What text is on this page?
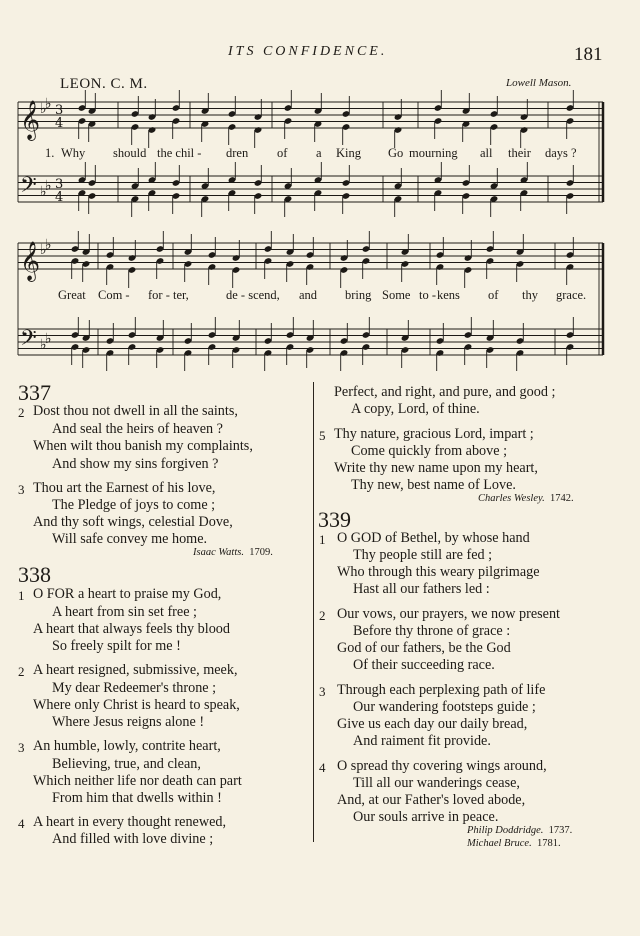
ITS CONFIDENCE.	181
LEON. C. M.	Lowell Mason.
𝄞
𝄢
𝄞
𝄢
♭
♭
♭
♭
♭
♭
♭
♭
3
4
3
4
1. Why should the chil - dren of a King Go mourning all their days ?
Great Com - for - ter,	de - scend, and bring Some to - kens of thy grace.
337
2 Dost thou not dwell in all the saints,
And seal the heirs of heaven ?
When wilt thou banish my complaints,
And show my sins forgiven ?
3 Thou art the Earnest of his love,
The Pledge of joys to come ;
And thy soft wings, celestial Dove,
Will safe convey me home.
Isaac Watts. 1709.
338
1 O FOR a heart to praise my God,
A heart from sin set free ;
A heart that always feels thy blood
So freely spilt for me !
2 A heart resigned, submissive, meek,
My dear Redeemer's throne ;
Where only Christ is heard to speak,
Where Jesus reigns alone !
3 An humble, lowly, contrite heart,
Believing, true, and clean,
Which neither life nor death can part
From him that dwells within !
4 A heart in every thought renewed,
And filled with love divine ;
Perfect, and right, and pure, and good ;
A copy, Lord, of thine.
5 Thy nature, gracious Lord, impart ;
Come quickly from above ;
Write thy new name upon my heart,
Thy new, best name of Love.
Charles Wesley. 1742.
339
1 O GOD of Bethel, by whose hand
Thy people still are fed ;
Who through this weary pilgrimage
Hast all our fathers led :
2 Our vows, our prayers, we now present
Before thy throne of grace :
God of our fathers, be the God
Of their succeeding race.
3 Through each perplexing path of life
Our wandering footsteps guide ;
Give us each day our daily bread,
And raiment fit provide.
4 O spread thy covering wings around,
Till all our wanderings cease,
And, at our Father's loved abode,
Our souls arrive in peace.
Philip Doddridge. 1737.
Michael Bruce. 1781.
